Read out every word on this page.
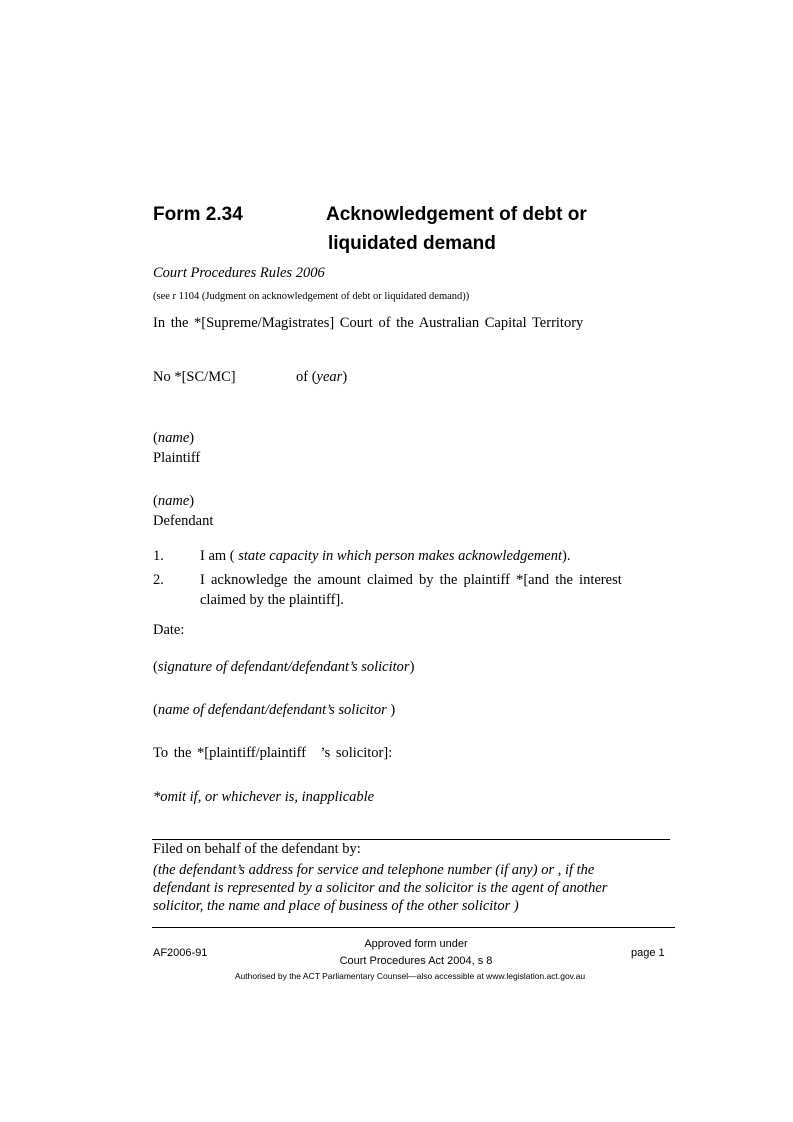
Form 2.34	Acknowledgement of debt or
liquidated demand
Court Procedures Rules 2006
(see r 1104 (Judgment on acknowledgement of debt or liquidated demand))
In the *[Supreme/Magistrates] Court of the Australian Capital Territory
No *[SC/MC]	of (year)
(name)
Plaintiff
(name)
Defendant
1. I am ( state capacity in which person makes acknowledgement).
2. I acknowledge the amount claimed by the plaintiff *[and the interest
claimed by the plaintiff].
Date:
(signature of defendant/defendant’s solicitor)
(name of defendant/defendant’s solicitor )
To the *[plaintiff/plaintiff  ’s solicitor]:
*omit if, or whichever is, inapplicable
Filed on behalf of the defendant by:
(the defendant’s address for service and telephone number (if any) or , if the
defendant is represented by a solicitor and the solicitor is the agent of another
solicitor, the name and place of business of the other solicitor )
AF2006-91
Approved form under
Court Procedures Act 2004, s 8
page 1
Authorised by the ACT Parliamentary Counsel—also accessible at www.legislation.act.gov.au
